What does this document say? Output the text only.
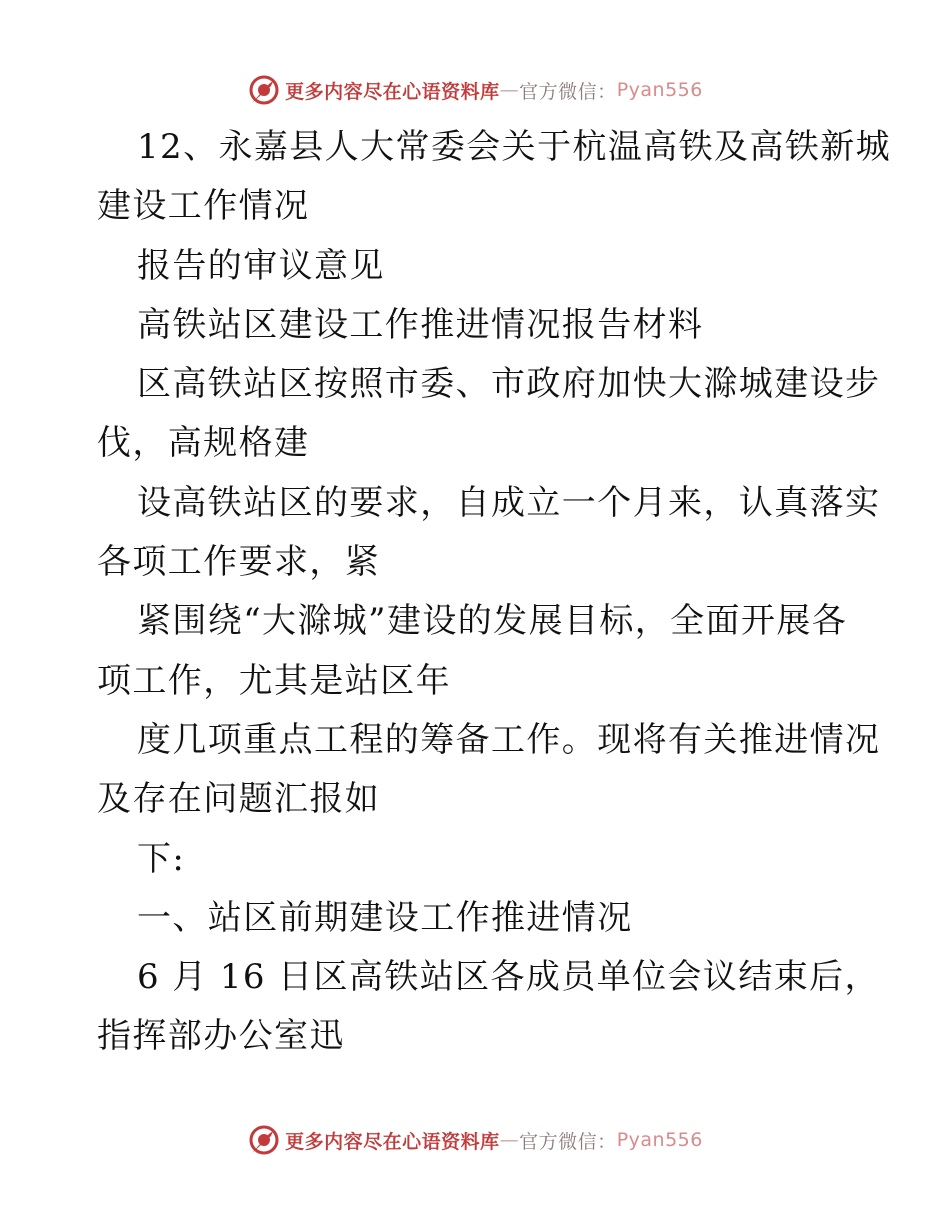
更多内容尽在心语资料库 — 官方微信： Pyan556
12、永嘉县人大常委会关于杭温高铁及高铁新城
建设工作情况
报告的审议意见
高铁站区建设工作推进情况报告材料
区高铁站区按照市委、市政府加快大滁城建设步
伐，高规格建
设高铁站区的要求，自成立一个月来，认真落实
各项工作要求，紧
紧围绕“大滁城”建设的发展目标，全面开展各
项工作，尤其是站区年
度几项重点工程的筹备工作。现将有关推进情况
及存在问题汇报如
下:
一、站区前期建设工作推进情况
6 月 16 日区高铁站区各成员单位会议结束后，
指挥部办公室迅
更多内容尽在心语资料库 — 官方微信： Pyan556
